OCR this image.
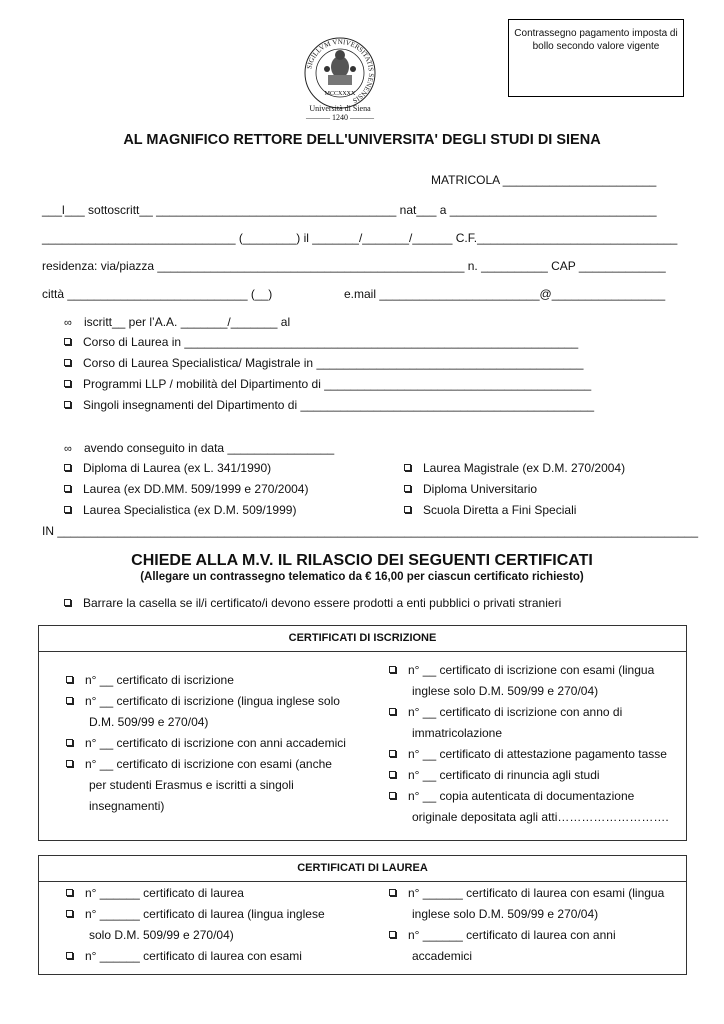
Contrassegno pagamento imposta di bollo secondo valore vigente
SIGILLVM VNIVERSITATIS SENENSIS
MCCXXXX
Università di Siena
——— 1240 ———
AL MAGNIFICO RETTORE DELL'UNIVERSITA' DEGLI STUDI DI SIENA
MATRICOLA _______________________
___l___ sottoscritt__ ____________________________________ nat___ a _______________________________
_____________________________ (________) il _______/_______/______ C.F.______________________________
residenza: via/piazza ______________________________________________ n. __________ CAP _____________
città ___________________________ (__)	e.mail ________________________@_________________
∞ iscritt__ per l’A.A. _______/_______ al
Corso di Laurea in ___________________________________________________________
Corso di Laurea Specialistica/ Magistrale in ________________________________________
Programmi LLP / mobilità del Dipartimento di ________________________________________
Singoli insegnamenti del Dipartimento di ____________________________________________
∞ avendo conseguito in data ________________
Diploma di Laurea (ex L. 341/1990)
Laurea (ex DD.MM. 509/1999 e 270/2004)
Laurea Specialistica (ex D.M. 509/1999)
Laurea Magistrale (ex D.M. 270/2004)
Diploma Universitario
Scuola Diretta a Fini Speciali
IN ________________________________________________________________________________________________
CHIEDE ALLA M.V. IL RILASCIO DEI SEGUENTI CERTIFICATI
(Allegare un contrassegno telematico da € 16,00 per ciascun certificato richiesto)
Barrare la casella se il/i certificato/i devono essere prodotti a enti pubblici o privati stranieri
CERTIFICATI DI ISCRIZIONE
n° __ certificato di iscrizione
n° __ certificato di iscrizione (lingua inglese solo
D.M. 509/99 e 270/04)
n° __ certificato di iscrizione con anni accademici
n° __ certificato di iscrizione con esami (anche
per studenti Erasmus e iscritti a singoli
insegnamenti)
n° __ certificato di iscrizione con esami (lingua
inglese solo D.M. 509/99 e 270/04)
n° __ certificato di iscrizione con anno di
immatricolazione
n° __ certificato di attestazione pagamento tasse
n° __ certificato di rinuncia agli studi
n° __ copia autenticata di documentazione
originale depositata agli atti……………………….
CERTIFICATI DI LAUREA
n° ______ certificato di laurea
n° ______ certificato di laurea (lingua inglese
solo D.M. 509/99 e 270/04)
n° ______ certificato di laurea con esami
n° ______ certificato di laurea con esami (lingua
inglese solo D.M. 509/99 e 270/04)
n° ______ certificato di laurea con anni
accademici
